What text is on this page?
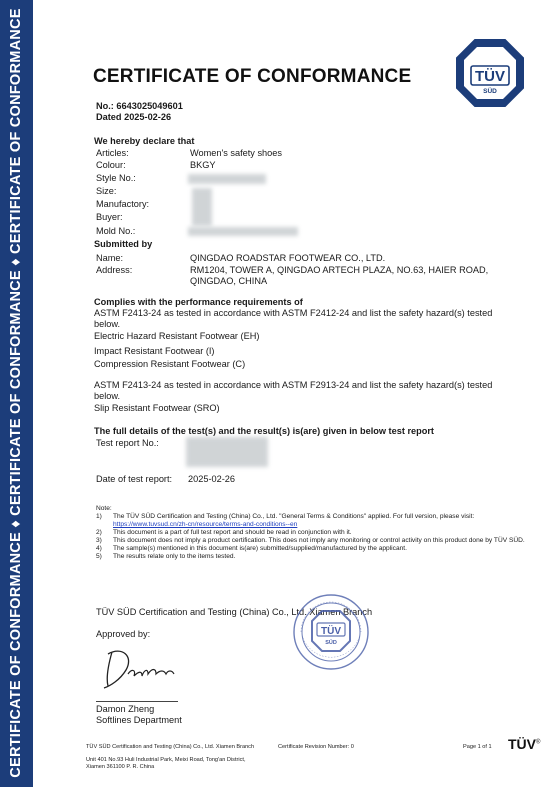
CERTIFICATE OF CONFORMANCE ♦ CERTIFICATE OF CONFORMANCE ♦ CERTIFICATE OF CONFORMANCE	TÜV
SÜD
CERTIFICATE OF CONFORMANCE
No.: 6643025049601
Dated 2025-02-26
We hereby declare that
Articles:	Women's safety shoes
Colour:	BKGY
Style No.:
Size:
Manufactory:
Buyer:
Mold No.:
Submitted by
Name:	QINGDAO ROADSTAR FOOTWEAR CO., LTD.
Address:	RM1204, TOWER A, QINGDAO ARTECH PLAZA, NO.63, HAIER ROAD, QINGDAO, CHINA
Complies with the performance requirements of
ASTM F2413-24 as tested in accordance with ASTM F2412-24 and list the safety hazard(s) tested below.
Electric Hazard Resistant Footwear (EH)
Impact Resistant Footwear (I)
Compression Resistant Footwear (C)
ASTM F2413-24 as tested in accordance with ASTM F2913-24 and list the safety hazard(s) tested below.
Slip Resistant Footwear (SRO)
The full details of the test(s) and the result(s) is(are) given in below test report
Test report No.:
Date of test report: 2025-02-26
Note:
1)	The TÜV SÜD Certification and Testing (China) Co., Ltd. "General Terms & Conditions" applied. For full version, please visit:
https://www.tuvsud.cn/zh-cn/resource/terms-and-conditions--en
2)	This document is a part of full test report and should be read in conjunction with it.
3)	This document does not imply a product certification. This does not imply any monitoring or control activity on this product done by TÜV SÜD.
4)	The sample(s) mentioned in this document is(are) submitted/supplied/manufactured by the applicant.
5)	The results relate only to the items tested.
TÜV SÜD Certification and Testing (China) Co., Ltd. Xiamen Branch
Approved by:	TÜV
SÜD
Damon Zheng
Softlines Department
TÜV SÜD Certification and Testing (China) Co., Ltd. Xiamen Branch	Certificate Revision Number: 0	Page 1 of 1
Unit 401 No.93 Huli Industrial Park, Meixi Road, Tong'an District,
Xiamen 361100 P. R. China
TÜV®
